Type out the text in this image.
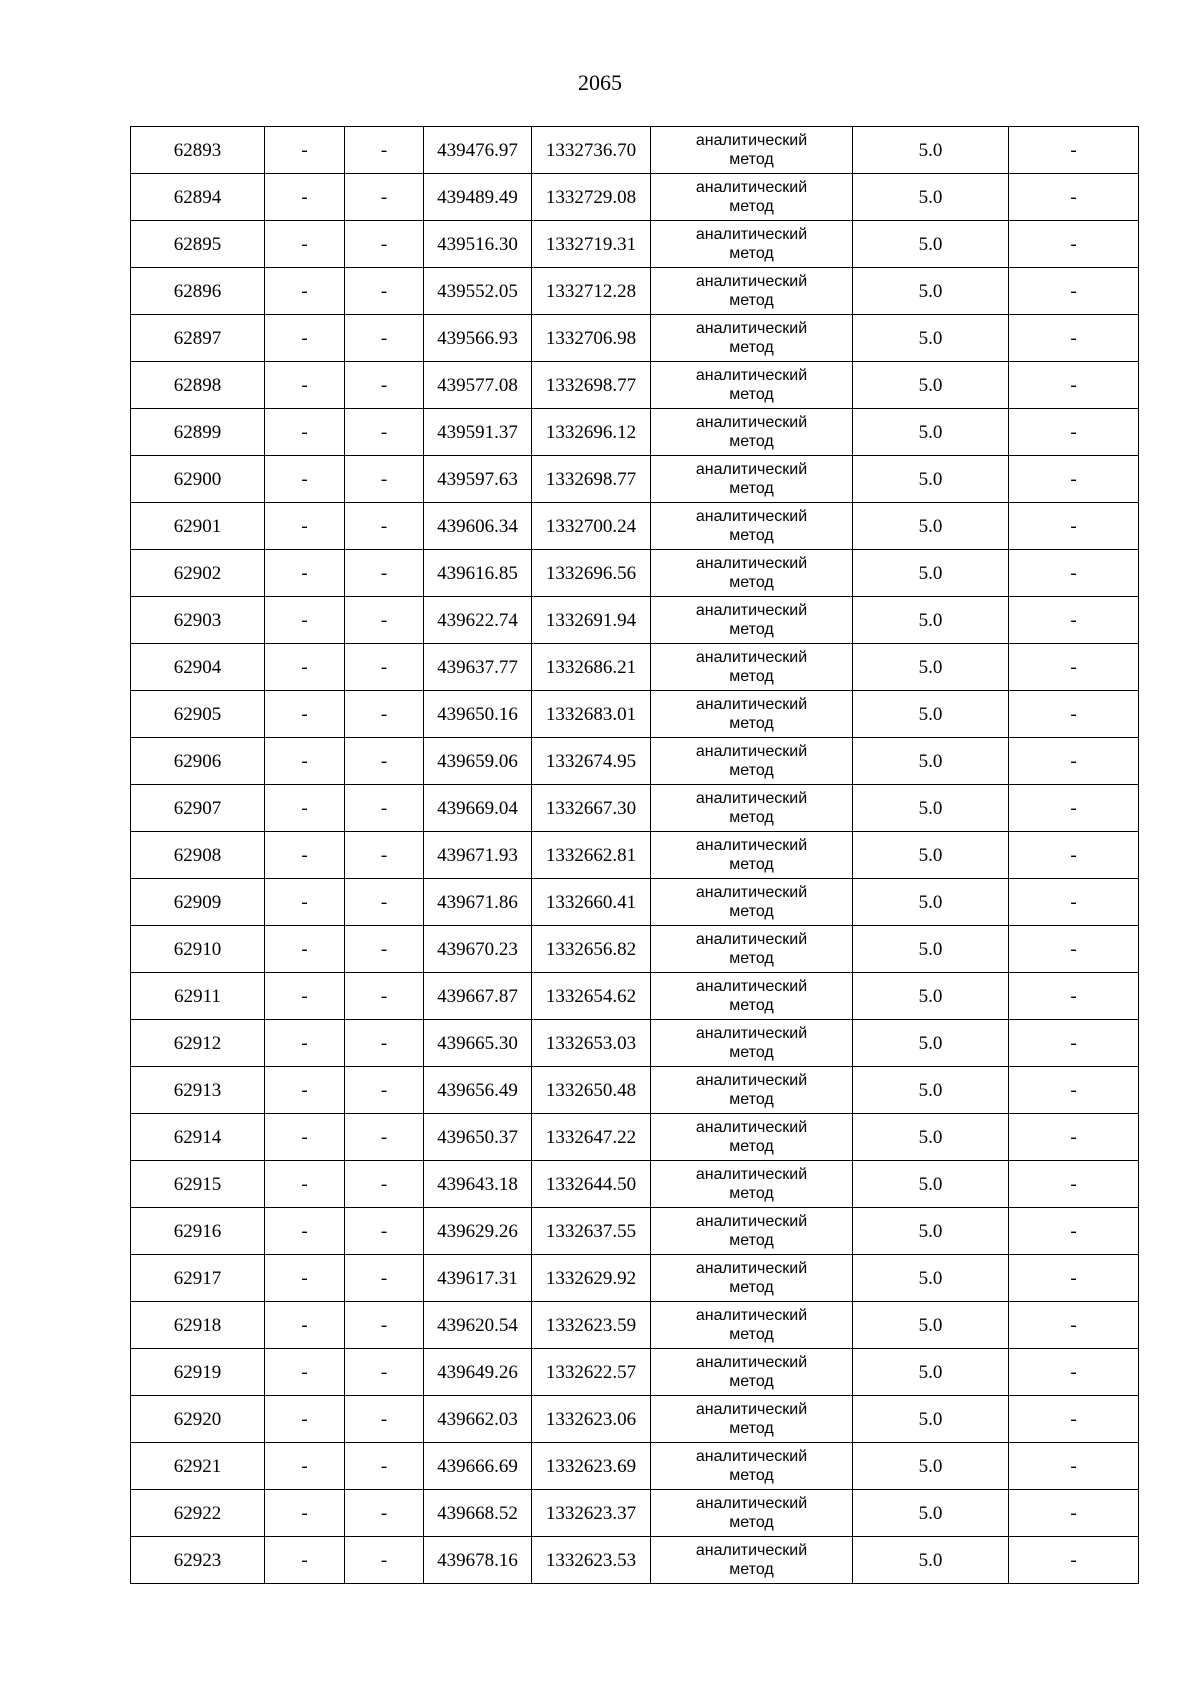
2065
62893	-	-	439476.97	1332736.70	аналитический
метод	5.0	-
62894	-	-	439489.49	1332729.08	аналитический
метод	5.0	-
62895	-	-	439516.30	1332719.31	аналитический
метод	5.0	-
62896	-	-	439552.05	1332712.28	аналитический
метод	5.0	-
62897	-	-	439566.93	1332706.98	аналитический
метод	5.0	-
62898	-	-	439577.08	1332698.77	аналитический
метод	5.0	-
62899	-	-	439591.37	1332696.12	аналитический
метод	5.0	-
62900	-	-	439597.63	1332698.77	аналитический
метод	5.0	-
62901	-	-	439606.34	1332700.24	аналитический
метод	5.0	-
62902	-	-	439616.85	1332696.56	аналитический
метод	5.0	-
62903	-	-	439622.74	1332691.94	аналитический
метод	5.0	-
62904	-	-	439637.77	1332686.21	аналитический
метод	5.0	-
62905	-	-	439650.16	1332683.01	аналитический
метод	5.0	-
62906	-	-	439659.06	1332674.95	аналитический
метод	5.0	-
62907	-	-	439669.04	1332667.30	аналитический
метод	5.0	-
62908	-	-	439671.93	1332662.81	аналитический
метод	5.0	-
62909	-	-	439671.86	1332660.41	аналитический
метод	5.0	-
62910	-	-	439670.23	1332656.82	аналитический
метод	5.0	-
62911	-	-	439667.87	1332654.62	аналитический
метод	5.0	-
62912	-	-	439665.30	1332653.03	аналитический
метод	5.0	-
62913	-	-	439656.49	1332650.48	аналитический
метод	5.0	-
62914	-	-	439650.37	1332647.22	аналитический
метод	5.0	-
62915	-	-	439643.18	1332644.50	аналитический
метод	5.0	-
62916	-	-	439629.26	1332637.55	аналитический
метод	5.0	-
62917	-	-	439617.31	1332629.92	аналитический
метод	5.0	-
62918	-	-	439620.54	1332623.59	аналитический
метод	5.0	-
62919	-	-	439649.26	1332622.57	аналитический
метод	5.0	-
62920	-	-	439662.03	1332623.06	аналитический
метод	5.0	-
62921	-	-	439666.69	1332623.69	аналитический
метод	5.0	-
62922	-	-	439668.52	1332623.37	аналитический
метод	5.0	-
62923	-	-	439678.16	1332623.53	аналитический
метод	5.0	-
